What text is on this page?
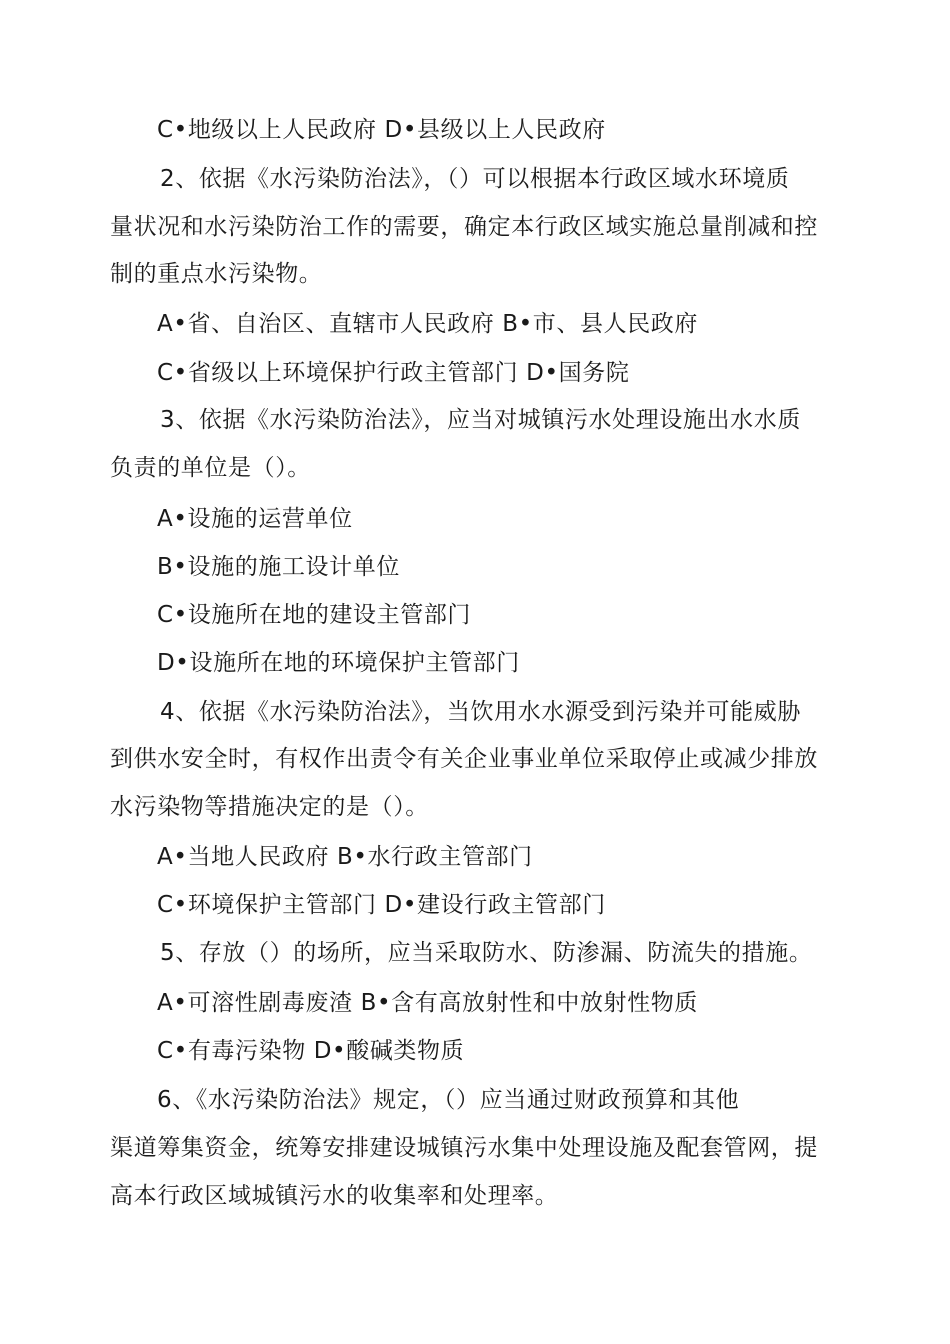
C•地级以上人民政府 D•县级以上人民政府
2、依据《水污染防治法》，（）可以根据本行政区域水环境质
量状况和水污染防治工作的需要，确定本行政区域实施总量削减和控
制的重点水污染物。
A•省、自治区、直辖市人民政府 B•市、县人民政府
C•省级以上环境保护行政主管部门 D•国务院
3、依据《水污染防治法》，应当对城镇污水处理设施出水水质
负责的单位是（）。
A•设施的运营单位
B•设施的施工设计单位
C•设施所在地的建设主管部门
D•设施所在地的环境保护主管部门
4、依据《水污染防治法》，当饮用水水源受到污染并可能威胁
到供水安全时，有权作出责令有关企业事业单位采取停止或减少排放
水污染物等措施决定的是（）。
A•当地人民政府 B•水行政主管部门
C•环境保护主管部门 D•建设行政主管部门
5、存放（）的场所，应当采取防水、防渗漏、防流失的措施。
A•可溶性剧毒废渣 B•含有高放射性和中放射性物质
C•有毒污染物 D•酸碱类物质
6、《水污染防治法》规定，（）应当通过财政预算和其他
渠道筹集资金，统筹安排建设城镇污水集中处理设施及配套管网，提
高本行政区域城镇污水的收集率和处理率。
